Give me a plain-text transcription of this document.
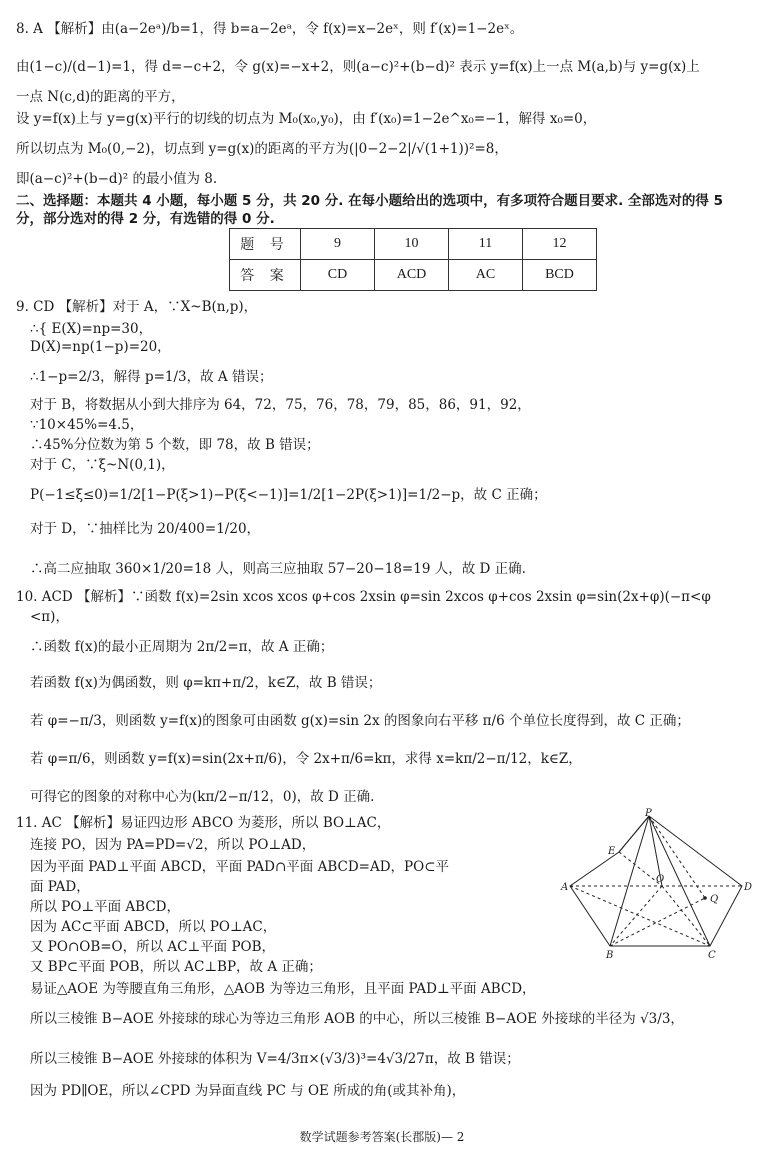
8. A 【解析】由(a−2eᵃ)/b=1，得 b=a−2eᵃ，令 f(x)=x−2eˣ，则 f′(x)=1−2eˣ。
由(1−c)/(d−1)=1，得 d=−c+2，令 g(x)=−x+2，则(a−c)²+(b−d)² 表示 y=f(x)上一点 M(a,b)与 y=g(x)上
一点 N(c,d)的距离的平方，
设 y=f(x)上与 y=g(x)平行的切线的切点为 M₀(x₀,y₀)，由 f′(x₀)=1−2e^x₀=−1，解得 x₀=0，
所以切点为 M₀(0,−2)，切点到 y=g(x)的距离的平方为(|0−2−2|/√(1+1))²=8，
即(a−c)²+(b−d)² 的最小值为 8.
二、选择题：本题共 4 小题，每小题 5 分，共 20 分. 在每小题给出的选项中，有多项符合题目要求. 全部选对的得 5
分，部分选对的得 2 分，有选错的得 0 分.
题 号	9	10	11	12
答 案	CD	ACD	AC	BCD
9. CD 【解析】对于 A，∵X~B(n,p)，
∴{ E(X)=np=30，
D(X)=np(1−p)=20，
∴1−p=2/3，解得 p=1/3，故 A 错误；
对于 B，将数据从小到大排序为 64，72，75，76，78，79，85，86，91，92，
∵10×45%=4.5，
∴45%分位数为第 5 个数，即 78，故 B 错误；
对于 C，∵ξ~N(0,1)，
P(−1≤ξ≤0)=1/2[1−P(ξ>1)−P(ξ<−1)]=1/2[1−2P(ξ>1)]=1/2−p，故 C 正确；
对于 D，∵抽样比为 20/400=1/20，
∴高二应抽取 360×1/20=18 人，则高三应抽取 57−20−18=19 人，故 D 正确.
10. ACD 【解析】∵函数 f(x)=2sin xcos xcos φ+cos 2xsin φ=sin 2xcos φ+cos 2xsin φ=sin(2x+φ)(−π<φ
<π)，
∴函数 f(x)的最小正周期为 2π/2=π，故 A 正确；
若函数 f(x)为偶函数，则 φ=kπ+π/2，k∈Z，故 B 错误；
若 φ=−π/3，则函数 y=f(x)的图象可由函数 g(x)=sin 2x 的图象向右平移 π/6 个单位长度得到，故 C 正确；
若 φ=π/6，则函数 y=f(x)=sin(2x+π/6)，令 2x+π/6=kπ，求得 x=kπ/2−π/12，k∈Z，
可得它的图象的对称中心为(kπ/2−π/12，0)，故 D 正确.
11. AC 【解析】易证四边形 ABCO 为菱形，所以 BO⊥AC，
连接 PO，因为 PA=PD=√2，所以 PO⊥AD，
因为平面 PAD⊥平面 ABCD，平面 PAD∩平面 ABCD=AD，PO⊂平
面 PAD，
所以 PO⊥平面 ABCD，
因为 AC⊂平面 ABCD，所以 PO⊥AC，
又 PO∩OB=O，所以 AC⊥平面 POB，
又 BP⊂平面 POB，所以 AC⊥BP，故 A 正确；
易证△AOE 为等腰直角三角形，△AOB 为等边三角形，且平面 PAD⊥平面 ABCD，
所以三棱锥 B−AOE 外接球的球心为等边三角形 AOB 的中心，所以三棱锥 B−AOE 外接球的半径为 √3/3，
所以三棱锥 B−AOE 外接球的体积为 V=4/3π×(√3/3)³=4√3/27π，故 B 错误；
因为 PD∥OE，所以∠CPD 为异面直线 PC 与 OE 所成的角(或其补角)，
P
E
A
O
D
Q
B	C
数学试题参考答案(长郡版)— 2
